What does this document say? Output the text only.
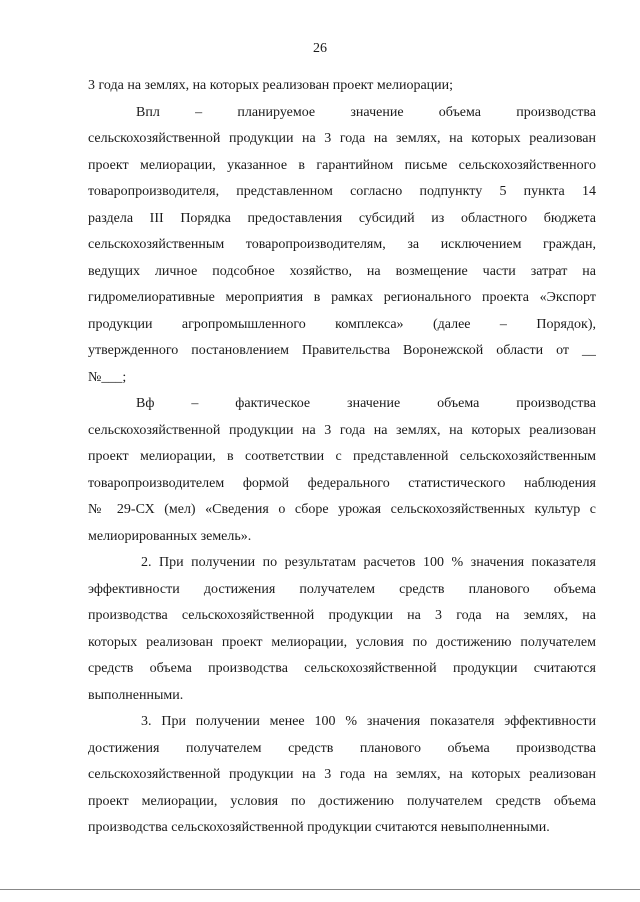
26
3 года на землях, на которых реализован проект мелиорации;
Впл – планируемое значение объема производства
сельскохозяйственной продукции на 3 года на землях, на которых реализован
проект мелиорации, указанное в гарантийном письме сельскохозяйственного
товаропроизводителя, представленном согласно подпункту 5 пункта 14
раздела III Порядка предоставления субсидий из областного бюджета
сельскохозяйственным товаропроизводителям, за исключением граждан,
ведущих личное подсобное хозяйство, на возмещение части затрат на
гидромелиоративные мероприятия в рамках регионального проекта «Экспорт
продукции агропромышленного комплекса» (далее – Порядок),
утвержденного постановлением Правительства Воронежской области от __
№___;
Вф – фактическое значение объема производства
сельскохозяйственной продукции на 3 года на землях, на которых реализован
проект мелиорации, в соответствии с представленной сельскохозяйственным
товаропроизводителем формой федерального статистического наблюдения
№ 29-СХ (мел) «Сведения о сборе урожая сельскохозяйственных культур с
мелиорированных земель».
2. При получении по результатам расчетов 100 % значения показателя
эффективности достижения получателем средств планового объема
производства сельскохозяйственной продукции на 3 года на землях, на
которых реализован проект мелиорации, условия по достижению получателем
средств объема производства сельскохозяйственной продукции считаются
выполненными.
3. При получении менее 100 % значения показателя эффективности
достижения получателем средств планового объема производства
сельскохозяйственной продукции на 3 года на землях, на которых реализован
проект мелиорации, условия по достижению получателем средств объема
производства сельскохозяйственной продукции считаются невыполненными.
